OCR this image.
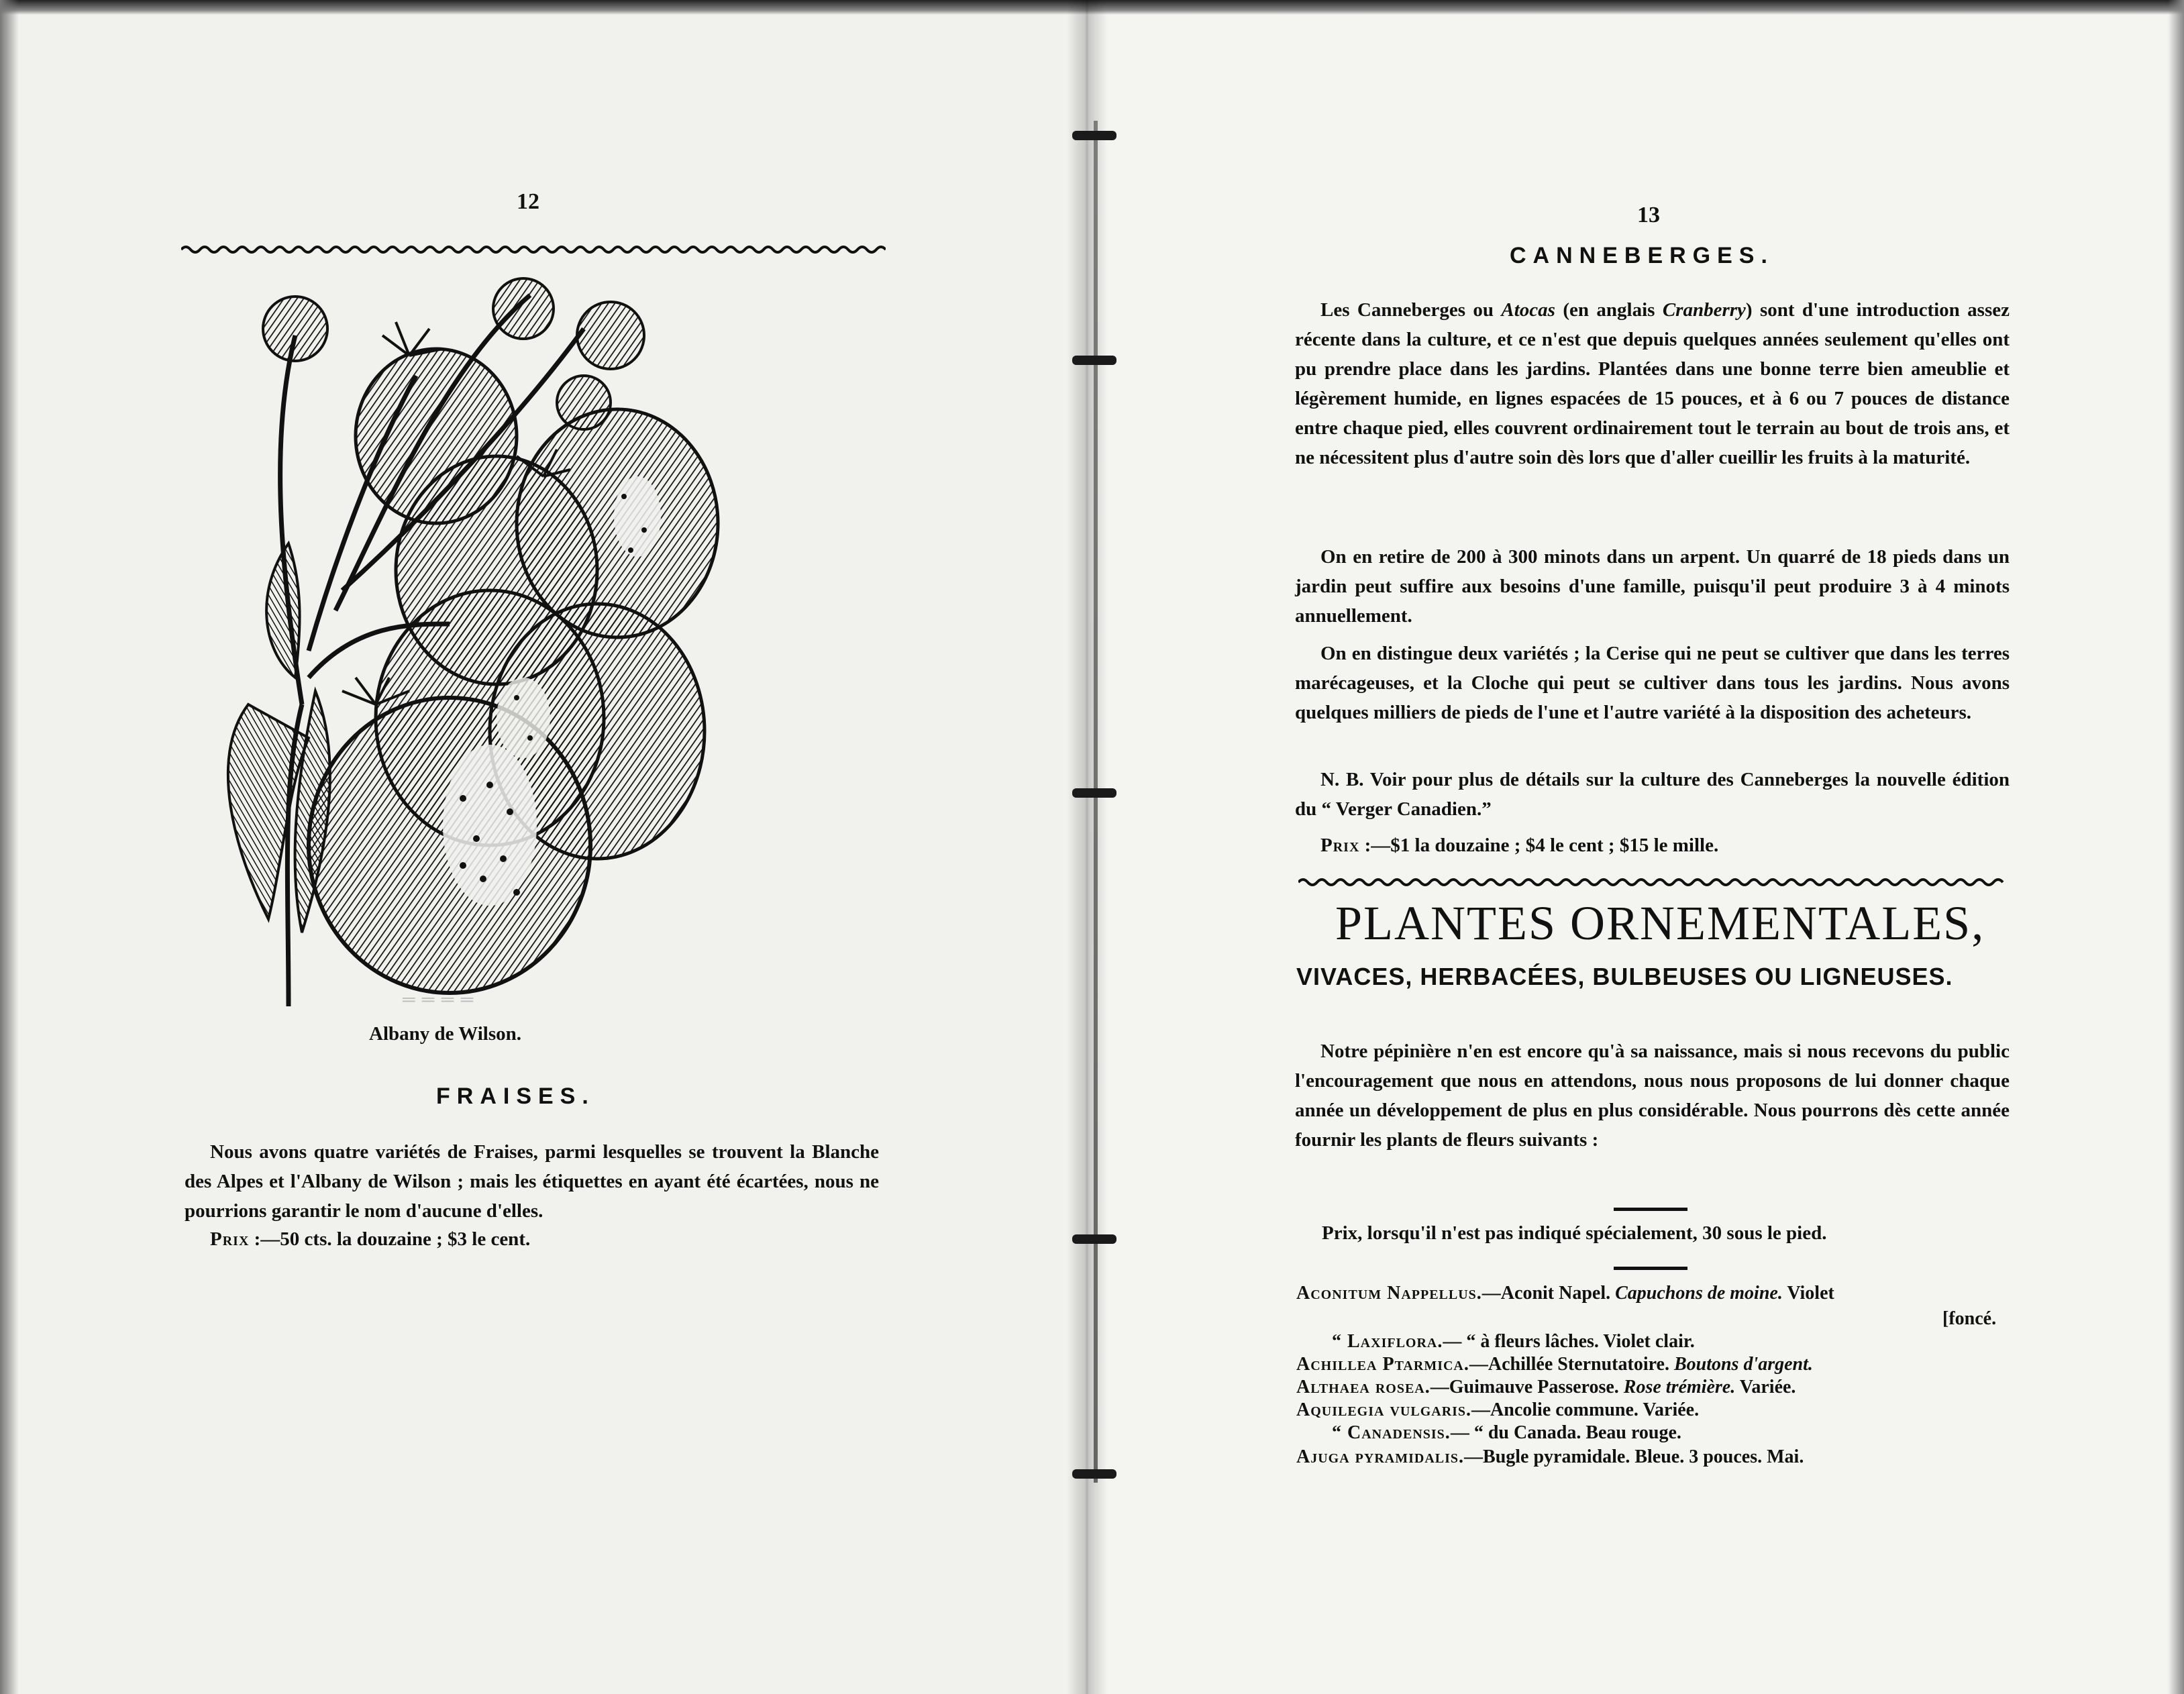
12
Albany de Wilson.
FRAISES.

Nous avons quatre variétés de Fraises, parmi lesquelles se trouvent la Blanche des Alpes et l'Albany de Wilson ; mais les étiquettes en ayant été écartées, nous ne pourrions garantir le nom d'aucune d'elles.

Prix :—50 cts. la douzaine ; $3 le cent.

13
CANNEBERGES.

Les Canneberges ou Atocas (en anglais Cranberry) sont d'une introduction assez récente dans la culture, et ce n'est que depuis quelques années seulement qu'elles ont pu prendre place dans les jardins. Plantées dans une bonne terre bien ameublie et légèrement humide, en lignes espacées de 15 pouces, et à 6 ou 7 pouces de distance entre chaque pied, elles couvrent ordinairement tout le terrain au bout de trois ans, et ne nécessitent plus d'autre soin dès lors que d'aller cueillir les fruits à la maturité.

On en retire de 200 à 300 minots dans un arpent. Un quarré de 18 pieds dans un jardin peut suffire aux besoins d'une famille, puisqu'il peut produire 3 à 4 minots annuellement.

On en distingue deux variétés ; la Cerise qui ne peut se cultiver que dans les terres marécageuses, et la Cloche qui peut se cultiver dans tous les jardins. Nous avons quelques milliers de pieds de l'une et l'autre variété à la disposition des acheteurs.

N. B. Voir pour plus de détails sur la culture des Canneberges la nouvelle édition du “ Verger Canadien.”

Prix :—$1 la douzaine ; $4 le cent ; $15 le mille.

PLANTES ORNEMENTALES,
VIVACES, HERBACÉES, BULBEUSES OU LIGNEUSES.

Notre pépinière n'en est encore qu'à sa naissance, mais si nous recevons du public l'encouragement que nous en attendons, nous nous proposons de lui donner chaque année un développement de plus en plus considérable. Nous pourrons dès cette année fournir les plants de fleurs suivants :

Prix, lorsqu'il n'est pas indiqué spécialement, 30 sous le pied.
Aconitum Nappellus.—Aconit Napel. Capuchons de moine. Violet
[foncé.
“ Laxiflora.— “ à fleurs lâches. Violet clair.
Achillea Ptarmica.—Achillée Sternutatoire. Boutons d'argent.
Althaea rosea.—Guimauve Passerose. Rose trémière. Variée.
Aquilegia vulgaris.—Ancolie commune. Variée.
“ Canadensis.— “ du Canada. Beau rouge.
Ajuga pyramidalis.—Bugle pyramidale. Bleue. 3 pouces. Mai.
═ ═ ═ ═
